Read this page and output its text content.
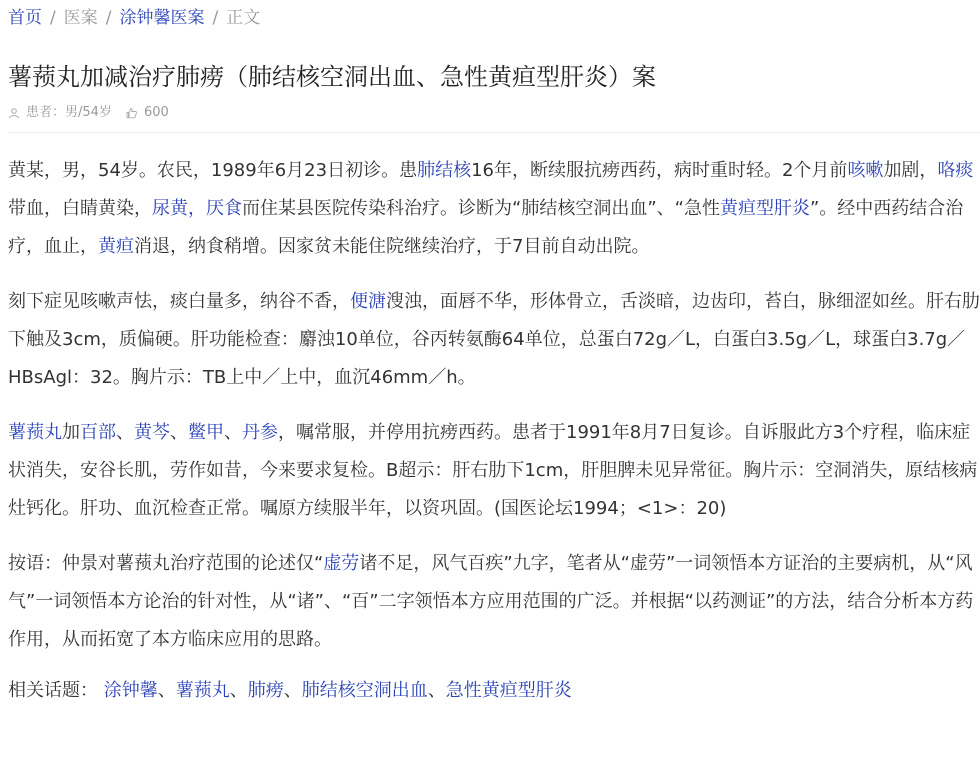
首页 / 医案 / 涂钟馨医案 / 正文
薯蓣丸加减治疗肺痨（肺结核空洞出血、急性黄疸型肝炎）案
患者：男/54岁 600

黄某，男，54岁。农民，1989年6月23日初诊。患肺结核16年，断续服抗痨西药，病时重时轻。2个月前咳嗽加剧，咯痰带血，白睛黄染，尿黄，厌食而住某县医院传染科治疗。诊断为“肺结核空洞出血”、“急性黄疸型肝炎”。经中西药结合治疗，血止，黄疸消退，纳食稍增。因家贫未能住院继续治疗，于7目前自动出院。

刻下症见咳嗽声怯，痰白量多，纳谷不香，便溏溲浊，面唇不华，形体骨立，舌淡暗，边齿印，苔白，脉细涩如丝。肝右肋下触及3cm，质偏硬。肝功能检查：麝浊10单位，谷丙转氨酶64单位，总蛋白72g／L，白蛋白3.5g／L，球蛋白3.7g／HBsAgl：32。胸片示：TB上中／上中，血沉46mm／h。

薯蓣丸加百部、黄芩、鳖甲、丹参，嘱常服，并停用抗痨西药。患者于1991年8月7日复诊。自诉服此方3个疗程，临床症状消失，安谷长肌，劳作如昔，今来要求复检。B超示：肝右肋下1cm，肝胆脾未见异常征。胸片示：空洞消失，原结核病灶钙化。肝功、血沉检查正常。嘱原方续服半年，以资巩固。(国医论坛1994；<1>：20)

按语：仲景对薯蓣丸治疗范围的论述仅“虚劳诸不足，风气百疾”九字，笔者从“虚劳”一词领悟本方证治的主要病机，从“风气”一词领悟本方论治的针对性，从“诸”、“百”二字领悟本方应用范围的广泛。并根据“以药测证”的方法，结合分析本方药作用，从而拓宽了本方临床应用的思路。

相关话题： 涂钟馨、薯蓣丸、肺痨、肺结核空洞出血、急性黄疸型肝炎
